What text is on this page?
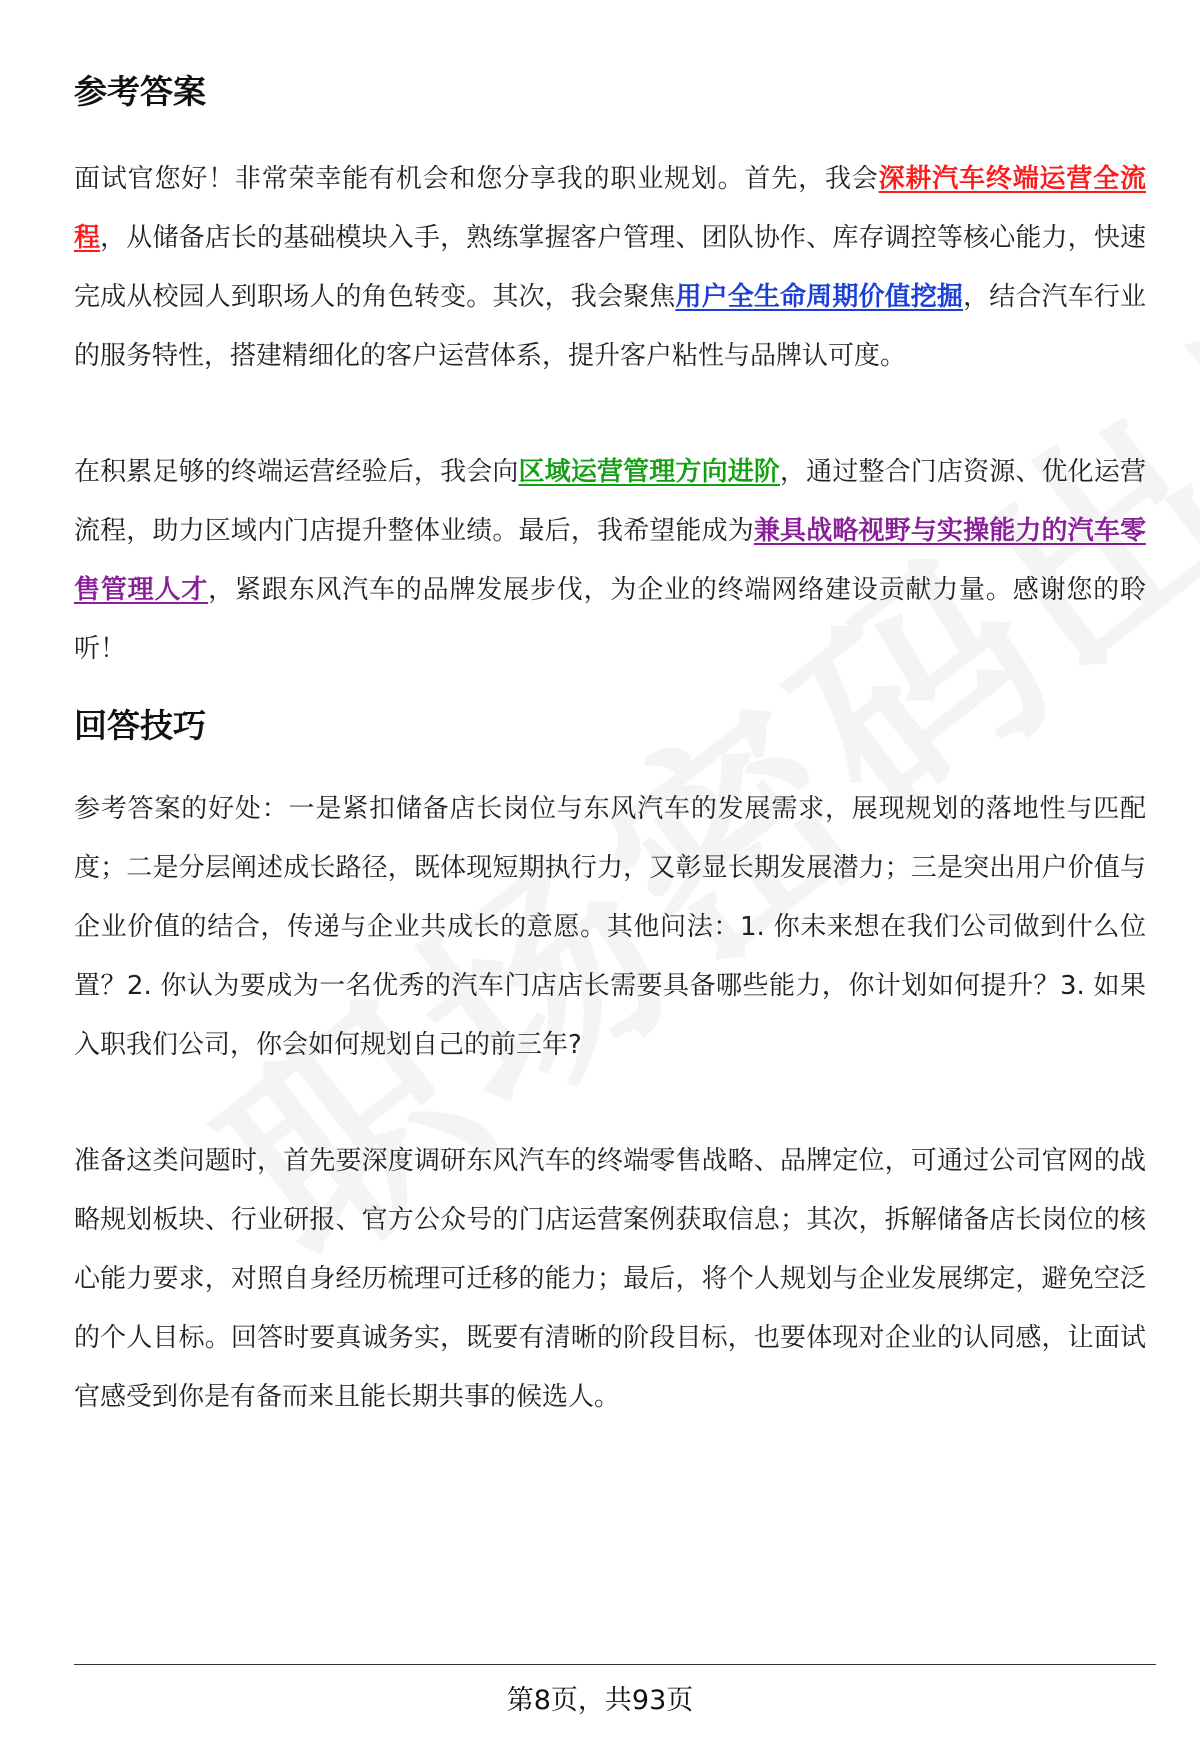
参考答案

面试官您好！非常荣幸能有机会和您分享我的职业规划。首先，我会深耕汽车终端运营全流程，从储备店长的基础模块入手，熟练掌握客户管理、团队协作、库存调控等核心能力，快速完成从校园人到职场人的角色转变。其次，我会聚焦用户全生命周期价值挖掘，结合汽车行业的服务特性，搭建精细化的客户运营体系，提升客户粘性与品牌认可度。

在积累足够的终端运营经验后，我会向区域运营管理方向进阶，通过整合门店资源、优化运营流程，助力区域内门店提升整体业绩。最后，我希望能成为兼具战略视野与实操能力的汽车零售管理人才，紧跟东风汽车的品牌发展步伐，为企业的终端网络建设贡献力量。感谢您的聆听！

回答技巧

参考答案的好处：一是紧扣储备店长岗位与东风汽车的发展需求，展现规划的落地性与匹配度；二是分层阐述成长路径，既体现短期执行力，又彰显长期发展潜力；三是突出用户价值与企业价值的结合，传递与企业共成长的意愿。其他问法：1. 你未来想在我们公司做到什么位置？2. 你认为要成为一名优秀的汽车门店店长需要具备哪些能力，你计划如何提升？3. 如果入职我们公司，你会如何规划自己的前三年?

准备这类问题时，首先要深度调研东风汽车的终端零售战略、品牌定位，可通过公司官网的战略规划板块、行业研报、官方公众号的门店运营案例获取信息；其次，拆解储备店长岗位的核心能力要求，对照自身经历梳理可迁移的能力；最后，将个人规划与企业发展绑定，避免空泛的个人目标。回答时要真诚务实，既要有清晰的阶段目标，也要体现对企业的认同感，让面试官感受到你是有备而来且能长期共事的候选人。

第8页，共93页
